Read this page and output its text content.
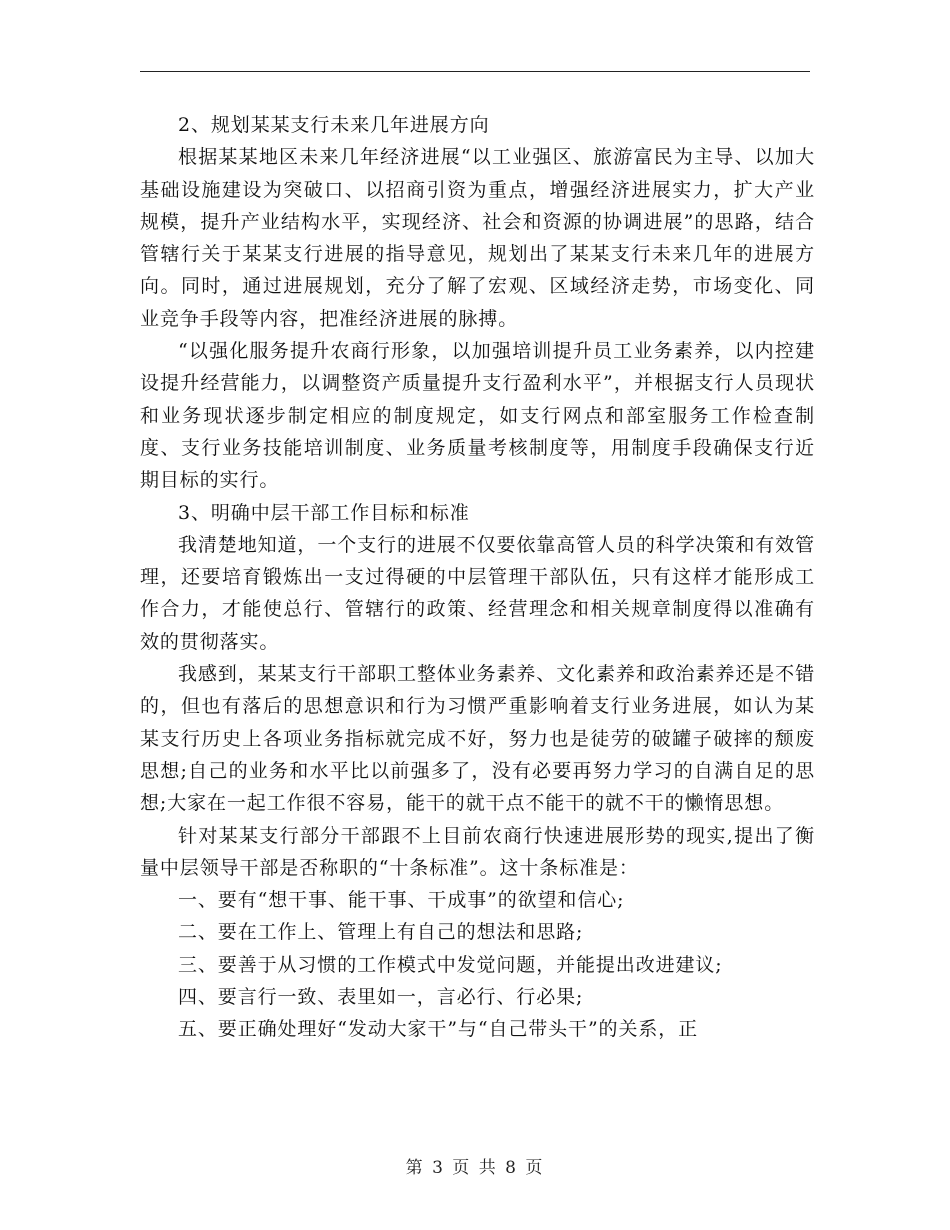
2、规划某某支行未来几年进展方向

根据某某地区未来几年经济进展“以工业强区、旅游富民为主导、以加大基础设施建设为突破口、以招商引资为重点，增强经济进展实力，扩大产业规模，提升产业结构水平，实现经济、社会和资源的协调进展”的思路，结合管辖行关于某某支行进展的指导意见，规划出了某某支行未来几年的进展方向。同时，通过进展规划，充分了解了宏观、区域经济走势，市场变化、同业竞争手段等内容，把准经济进展的脉搏。

“以强化服务提升农商行形象，以加强培训提升员工业务素养，以内控建设提升经营能力，以调整资产质量提升支行盈利水平”，并根据支行人员现状和业务现状逐步制定相应的制度规定，如支行网点和部室服务工作检查制度、支行业务技能培训制度、业务质量考核制度等，用制度手段确保支行近期目标的实行。

3、明确中层干部工作目标和标准

我清楚地知道，一个支行的进展不仅要依靠高管人员的科学决策和有效管理，还要培育锻炼出一支过得硬的中层管理干部队伍，只有这样才能形成工作合力，才能使总行、管辖行的政策、经营理念和相关规章制度得以准确有效的贯彻落实。

我感到，某某支行干部职工整体业务素养、文化素养和政治素养还是不错的，但也有落后的思想意识和行为习惯严重影响着支行业务进展，如认为某某支行历史上各项业务指标就完成不好，努力也是徒劳的破罐子破摔的颓废思想;自己的业务和水平比以前强多了，没有必要再努力学习的自满自足的思想;大家在一起工作很不容易，能干的就干点不能干的就不干的懒惰思想。

针对某某支行部分干部跟不上目前农商行快速进展形势的现实,提出了衡量中层领导干部是否称职的“十条标准”。这十条标准是：

一、要有“想干事、能干事、干成事”的欲望和信心;

二、要在工作上、管理上有自己的想法和思路;

三、要善于从习惯的工作模式中发觉问题，并能提出改进建议;

四、要言行一致、表里如一，言必行、行必果;

五、要正确处理好“发动大家干”与“自己带头干”的关系，正

第 3 页 共 8 页
